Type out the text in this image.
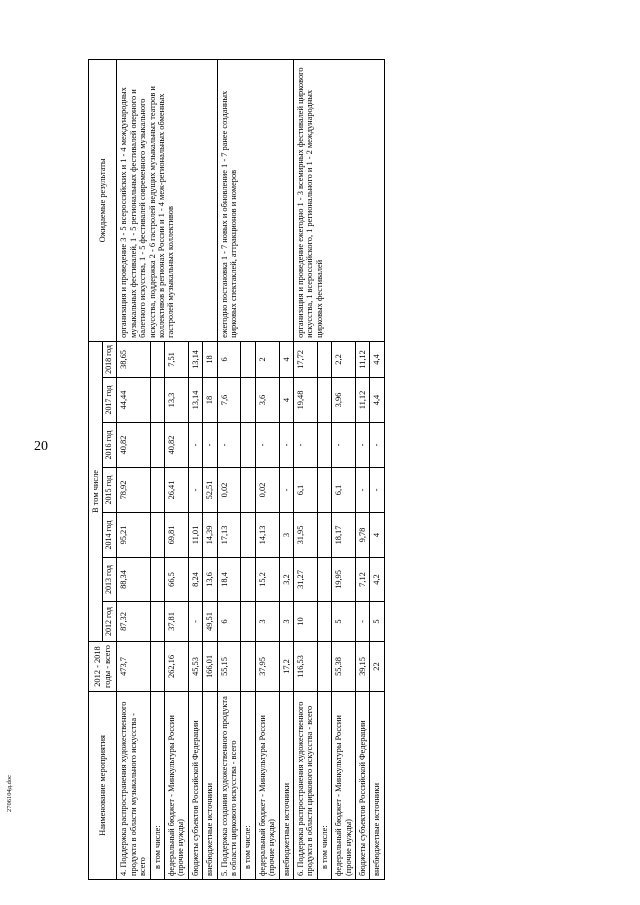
20
2706104д.doc	Наименование мероприятия	2012 - 2018 годы - всего	В том числе							Ожидаемые результаты
		2012 год	2013 год	2014 год	2015 год	2016 год	2017 год	2018 год	
4. Поддержка распространения художественного продукта в области музыкального искусства - всего	473,7	87,32	88,34	95,21	78,92	40,82	44,44	38,65	организация и проведение 3 - 5 всероссийских и 1 - 4 международных музыкальных фестивалей, 1 - 5 региональных фестивалей оперного и балетного искусства, 1 - 5 фестивалей современного музыкального искусства, поддержка 2 - 6 гастролей ведущих музыкальных театров и коллективов в регионах России и 1 - 4 меж-региональных обменных гастролей музыкальных коллективов
в том числе:									
федеральный бюджет - Минкультуры России (прочие нужды)	262,16	37,81	66,5	69,81	26,41	40,82	13,3	7,51	
бюджеты субъектов Российской Федерации	45,53	-	8,24	11,01	-	-	13,14	13,14	
внебюджетные источники	166,01	49,51	13,6	14,39	52,51	-	18	18	
5. Поддержка создания художественного продукта в области циркового искусства - всего	55,15	6	18,4	17,13	0,02	-	7,6	6	ежегодно постановка 1 - 7 новых и обновление 1 - 7 ранее созданных цирковых спектаклей, аттракционов и номеров
в том числе:									
федеральный бюджет - Минкультуры России (прочие нужды)	37,95	3	15,2	14,13	0,02	-	3,6	2	
внебюджетные источники	17,2	3	3,2	3	-	-	4	4	
6. Поддержка распространения художественного продукта в области циркового искусства - всего	116,53	10	31,27	31,95	6,1	-	19,48	17,72	организация и проведение ежегодно 1 - 3 всемирных фестивалей циркового искусства, 1 всероссийского, 1 регионального и 1 - 2 международных цирковых фестивалей
в том числе:									
федеральный бюджет - Минкультуры России (прочие нужды)	55,38	5	19,95	18,17	6,1	-	3,96	2,2	
бюджеты субъектов Российской Федерации	39,15	-	7,12	9,78	-	-	11,12	11,12	
внебюджетные источники	22	5	4,2	4	-	-	4,4	4,4	
